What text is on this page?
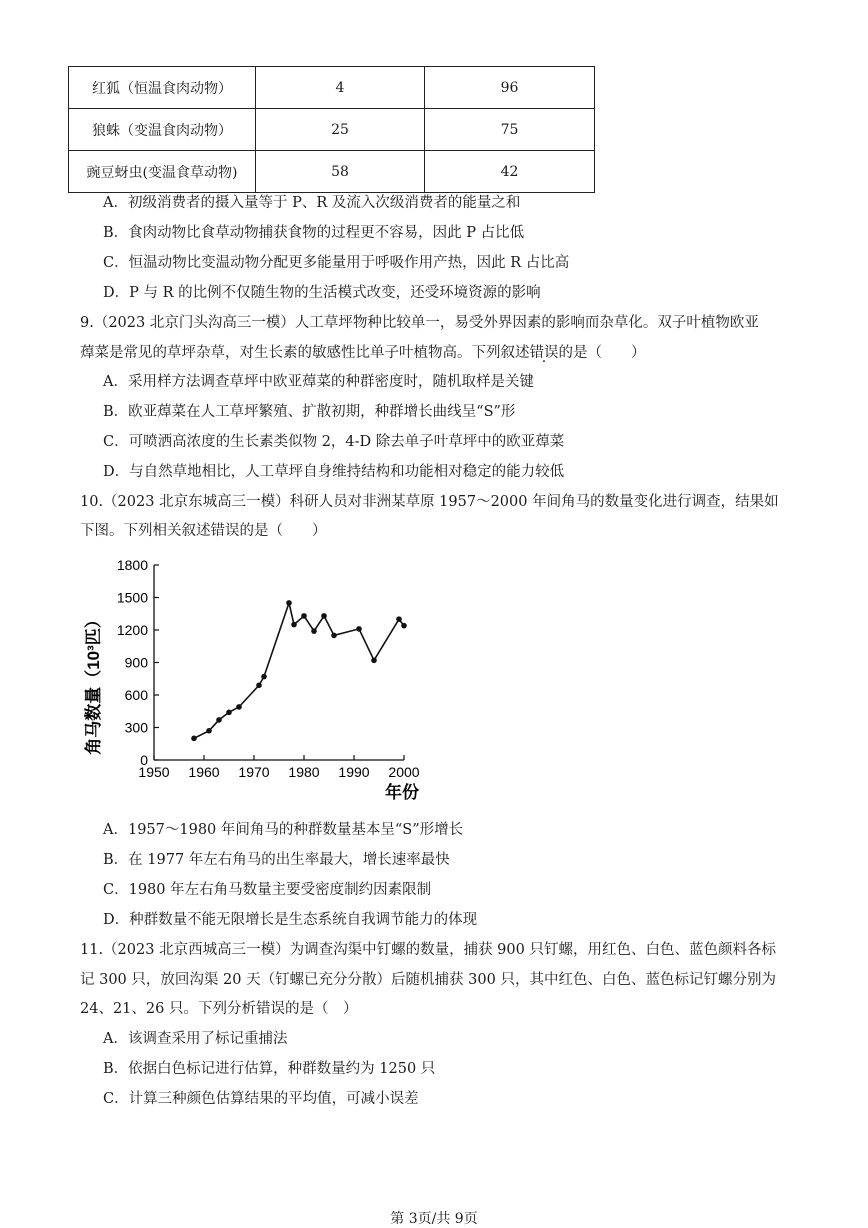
红狐（恒温食肉动物）	4	96
狼蛛（变温食肉动物）	25	75
豌豆蚜虫(变温食草动物)	58	42
A．初级消费者的摄入量等于 P、R 及流入次级消费者的能量之和
B．食肉动物比食草动物捕获食物的过程更不容易，因此 P 占比低
C．恒温动物比变温动物分配更多能量用于呼吸作用产热，因此 R 占比高
D．P 与 R 的比例不仅随生物的生活模式改变，还受环境资源的影响
9.（2023 北京门头沟高三一模）人工草坪物种比较单一，易受外界因素的影响而杂草化。双子叶植物欧亚
蔊菜是常见的草坪杂草，对生长素的敏感性比单子叶植物高。下列叙述错误的是（　　）
A．采用样方法调查草坪中欧亚蔊菜的种群密度时，随机取样是关键
B．欧亚蔊菜在人工草坪繁殖、扩散初期，种群增长曲线呈“S”形
C．可喷洒高浓度的生长素类似物 2，4-D 除去单子叶草坪中的欧亚蔊菜
D．与自然草地相比，人工草坪自身维持结构和功能相对稳定的能力较低
10.（2023 北京东城高三一模）科研人员对非洲某草原 1957～2000 年间角马的数量变化进行调查，结果如
下图。下列相关叙述错误的是（　　）
0
300
600
900
1200
1500
1800
1950 1960 1970 1980 1990 2000
角马数量（10³匹）
年份
A．1957～1980 年间角马的种群数量基本呈“S”形增长
B．在 1977 年左右角马的出生率最大，增长速率最快
C．1980 年左右角马数量主要受密度制约因素限制
D．种群数量不能无限增长是生态系统自我调节能力的体现
11.（2023 北京西城高三一模）为调查沟渠中钉螺的数量，捕获 900 只钉螺，用红色、白色、蓝色颜料各标
记 300 只，放回沟渠 20 天（钉螺已充分分散）后随机捕获 300 只，其中红色、白色、蓝色标记钉螺分别为
24、21、26 只。下列分析错误的是（　）
A．该调查采用了标记重捕法
B．依据白色标记进行估算，种群数量约为 1250 只
C．计算三种颜色估算结果的平均值，可减小误差
第 3页/共 9页
